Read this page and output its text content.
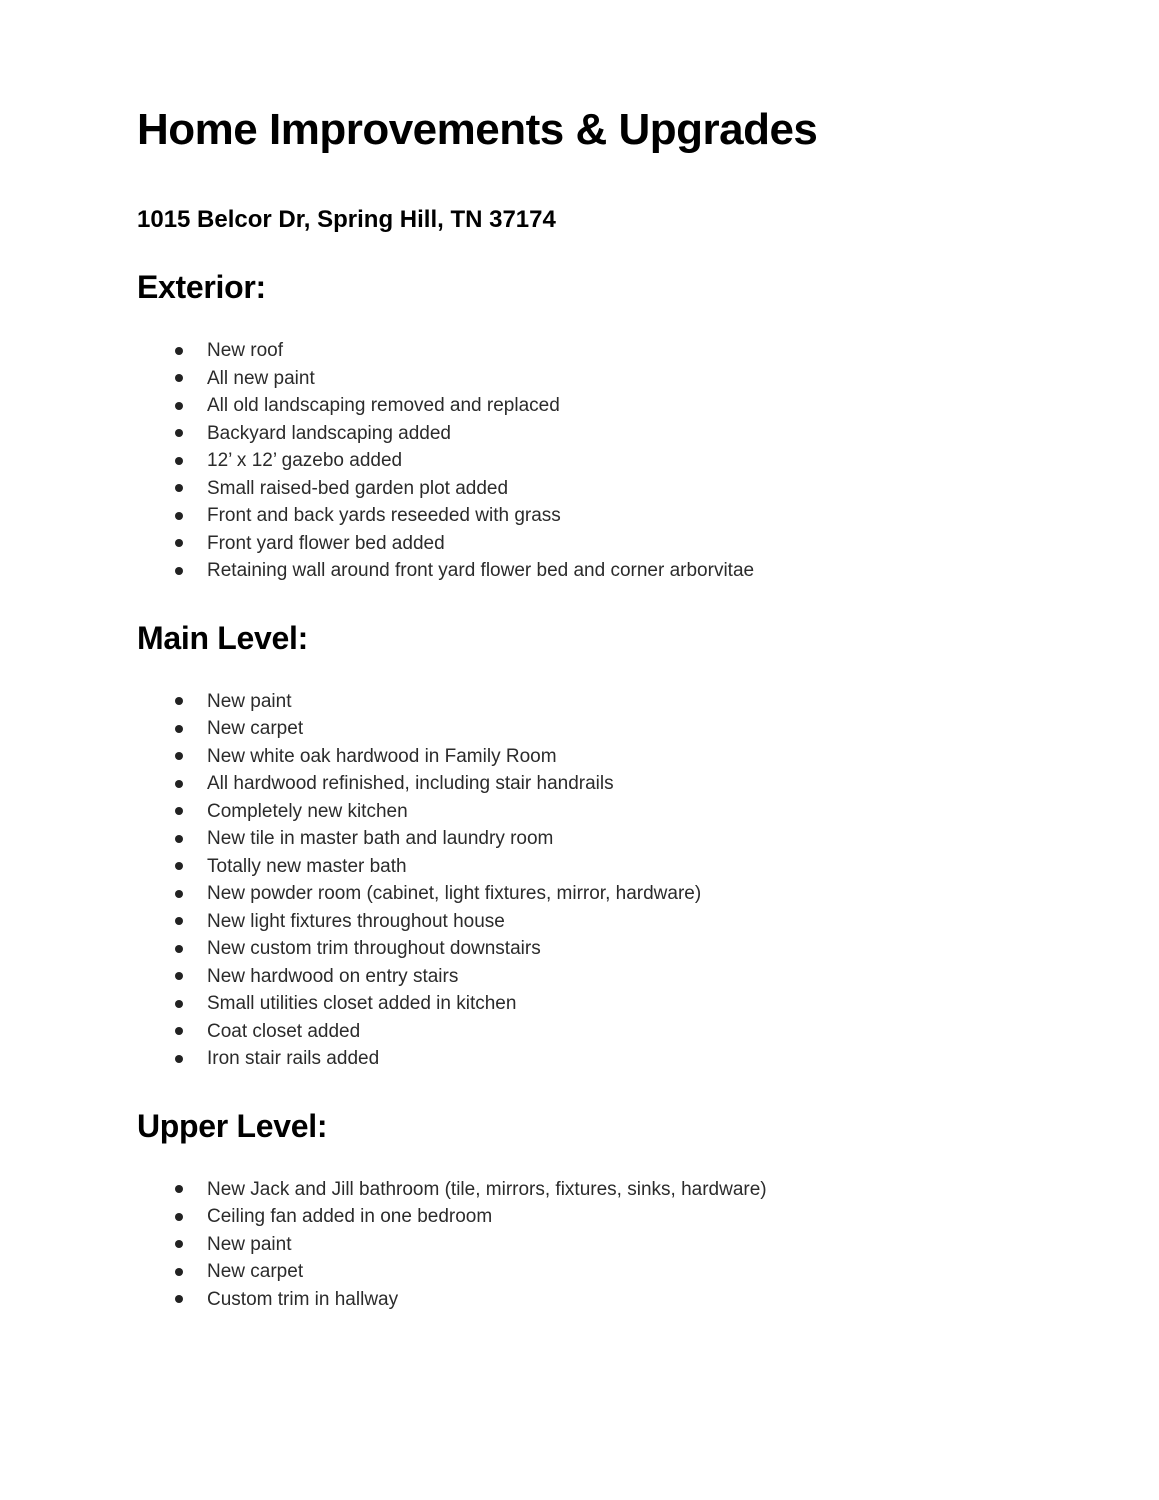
Home Improvements & Upgrades

1015 Belcor Dr, Spring Hill, TN 37174

Exterior:
New roof
All new paint
All old landscaping removed and replaced
Backyard landscaping added
12’ x 12’ gazebo added
Small raised-bed garden plot added
Front and back yards reseeded with grass
Front yard flower bed added
Retaining wall around front yard flower bed and corner arborvitae
Main Level:
New paint
New carpet
New white oak hardwood in Family Room
All hardwood refinished, including stair handrails
Completely new kitchen
New tile in master bath and laundry room
Totally new master bath
New powder room (cabinet, light fixtures, mirror, hardware)
New light fixtures throughout house
New custom trim throughout downstairs
New hardwood on entry stairs
Small utilities closet added in kitchen
Coat closet added
Iron stair rails added
Upper Level:
New Jack and Jill bathroom (tile, mirrors, fixtures, sinks, hardware)
Ceiling fan added in one bedroom
New paint
New carpet
Custom trim in hallway
